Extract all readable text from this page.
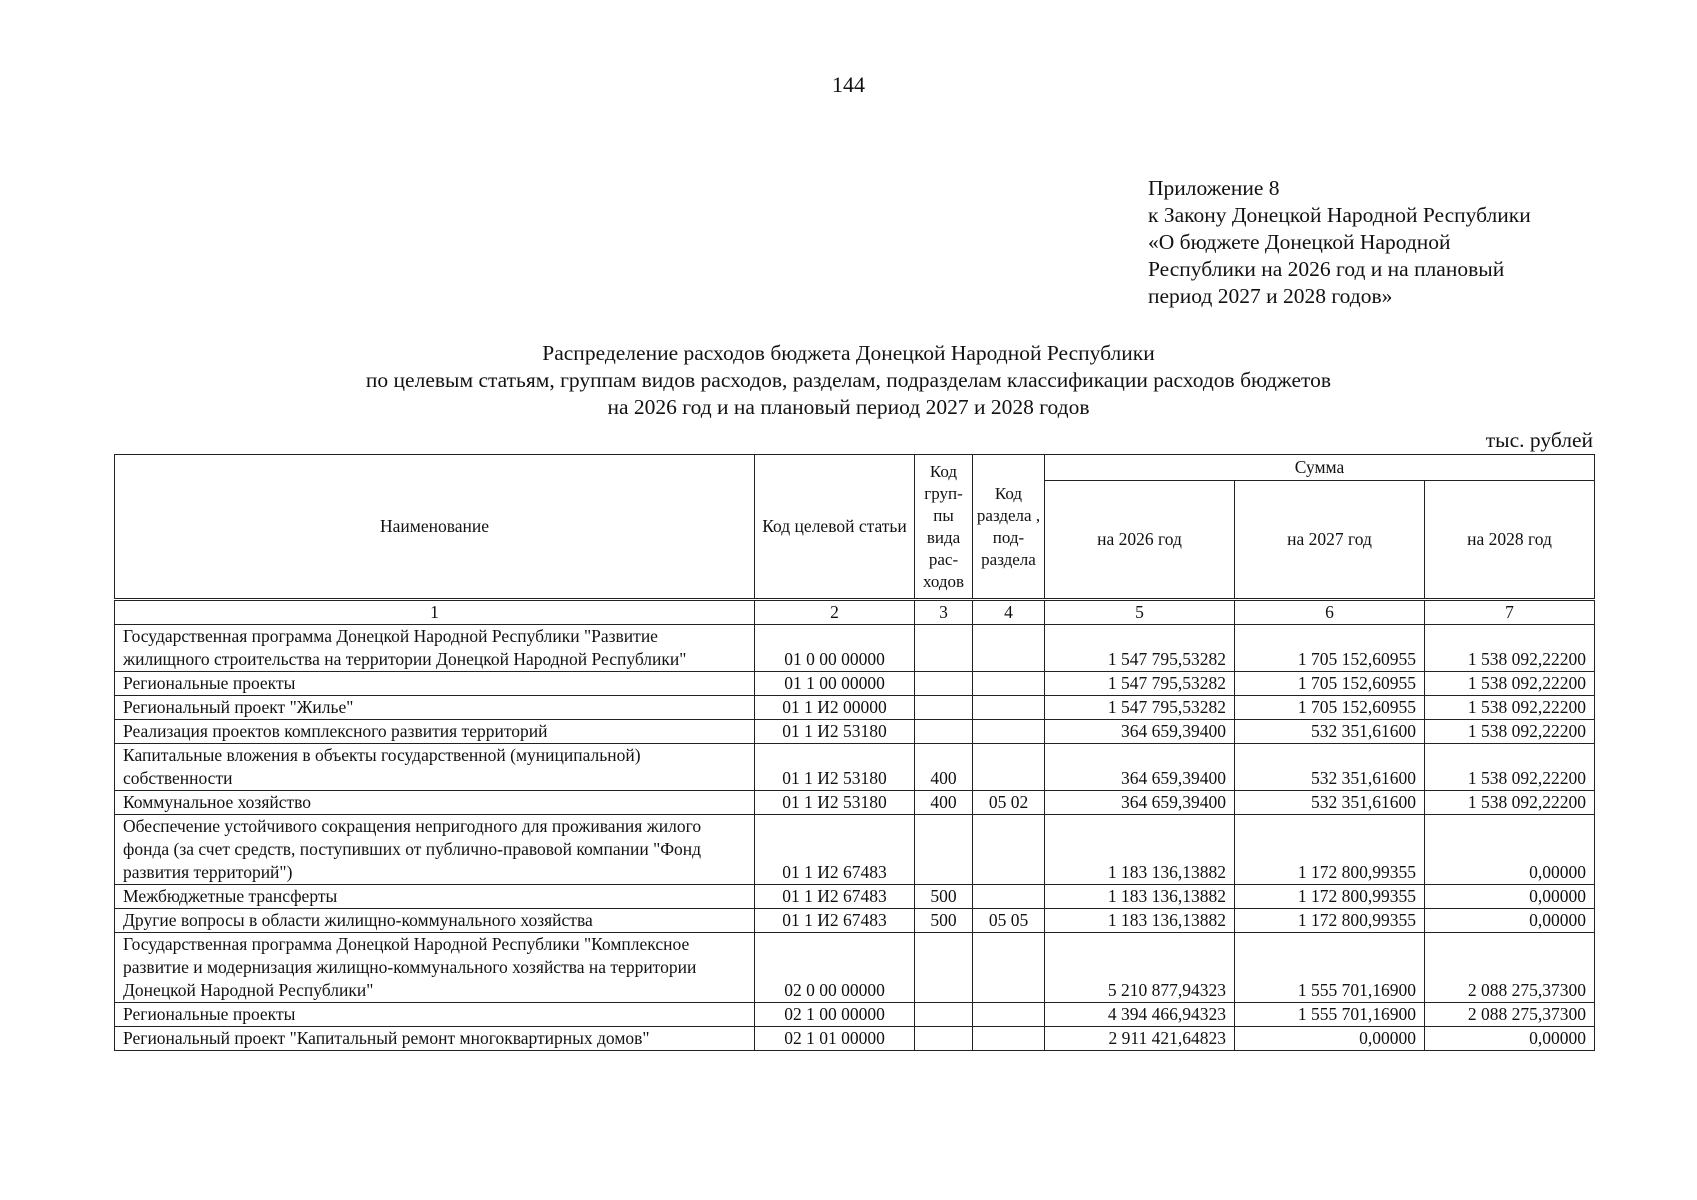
144
Приложение 8
к Закону Донецкой Народной Республики
«О бюджете Донецкой Народной
Республики на 2026 год и на плановый
период 2027 и 2028 годов»
Распределение расходов бюджета Донецкой Народной Республики
по целевым статьям, группам видов расходов, разделам, подразделам классификации расходов бюджетов
на 2026 год и на плановый период 2027 и 2028 годов
тыс. рублей
Наименование	Код целевой статьи	Код груп-пы вида рас-ходов	Код раздела , под-раздела	Сумма		
				на 2026 год	на 2027 год	на 2028 год
1	2	3	4	5	6	7
Государственная программа Донецкой Народной Республики "Развитие жилищного строительства на территории Донецкой Народной Республики"	01 0 00 00000			1 547 795,53282	1 705 152,60955	1 538 092,22200
Региональные проекты	01 1 00 00000			1 547 795,53282	1 705 152,60955	1 538 092,22200
Региональный проект "Жилье"	01 1 И2 00000			1 547 795,53282	1 705 152,60955	1 538 092,22200
Реализация проектов комплексного развития территорий	01 1 И2 53180			364 659,39400	532 351,61600	1 538 092,22200
Капитальные вложения в объекты государственной (муниципальной) собственности	01 1 И2 53180	400		364 659,39400	532 351,61600	1 538 092,22200
Коммунальное хозяйство	01 1 И2 53180	400	05 02	364 659,39400	532 351,61600	1 538 092,22200
Обеспечение устойчивого сокращения непригодного для проживания жилого фонда (за счет средств, поступивших от публично-правовой компании "Фонд развития территорий")	01 1 И2 67483			1 183 136,13882	1 172 800,99355	0,00000
Межбюджетные трансферты	01 1 И2 67483	500		1 183 136,13882	1 172 800,99355	0,00000
Другие вопросы в области жилищно-коммунального хозяйства	01 1 И2 67483	500	05 05	1 183 136,13882	1 172 800,99355	0,00000
Государственная программа Донецкой Народной Республики "Комплексное развитие и модернизация жилищно-коммунального хозяйства на территории Донецкой Народной Республики"	02 0 00 00000			5 210 877,94323	1 555 701,16900	2 088 275,37300
Региональные проекты	02 1 00 00000			4 394 466,94323	1 555 701,16900	2 088 275,37300
Региональный проект "Капитальный ремонт многоквартирных домов"	02 1 01 00000			2 911 421,64823	0,00000	0,00000
